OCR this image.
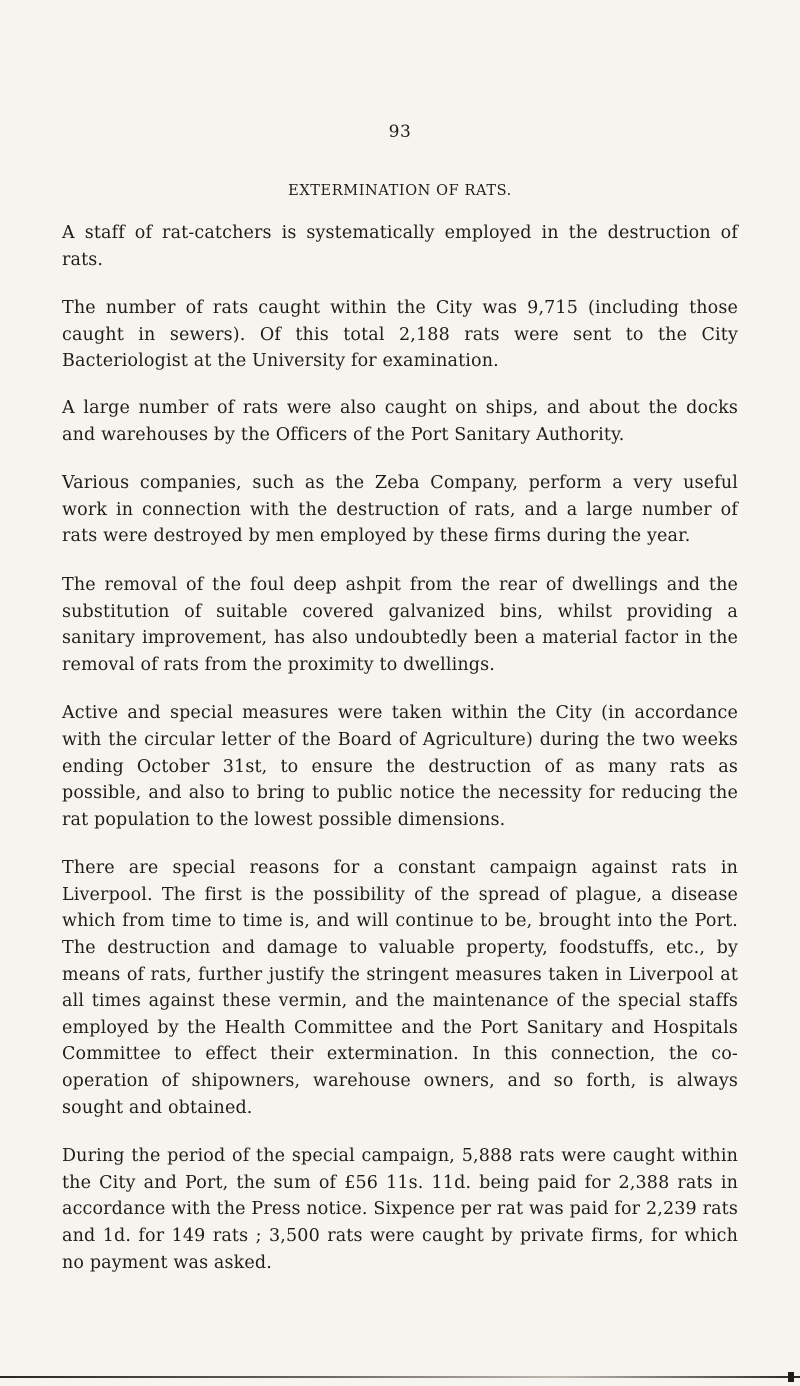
93
EXTERMINATION OF RATS.

A staff of rat-catchers is systematically employed in the destruction of rats.

The number of rats caught within the City was 9,715 (including those caught in sewers). Of this total 2,188 rats were sent to the City Bacteriologist at the University for examination.

A large number of rats were also caught on ships, and about the docks and warehouses by the Officers of the Port Sanitary Authority.

Various companies, such as the Zeba Company, perform a very useful work in connection with the destruction of rats, and a large number of rats were destroyed by men employed by these firms during the year.

The removal of the foul deep ashpit from the rear of dwellings and the substitution of suitable covered galvanized bins, whilst providing a sanitary improvement, has also undoubtedly been a material factor in the removal of rats from the proximity to dwellings.

Active and special measures were taken within the City (in accordance with the circular letter of the Board of Agriculture) during the two weeks ending October 31st, to ensure the destruction of as many rats as possible, and also to bring to public notice the necessity for reducing the rat population to the lowest possible dimensions.

There are special reasons for a constant campaign against rats in Liverpool. The first is the possibility of the spread of plague, a disease which from time to time is, and will continue to be, brought into the Port. The destruction and damage to valuable property, foodstuffs, etc., by means of rats, further justify the stringent measures taken in Liverpool at all times against these vermin, and the maintenance of the special staffs employed by the Health Committee and the Port Sanitary and Hospitals Committee to effect their extermination. In this connection, the co-operation of shipowners, warehouse owners, and so forth, is always sought and obtained.

During the period of the special campaign, 5,888 rats were caught within the City and Port, the sum of £56 11s. 11d. being paid for 2,388 rats in accordance with the Press notice. Sixpence per rat was paid for 2,239 rats and 1d. for 149 rats ; 3,500 rats were caught by private firms, for which no payment was asked.
